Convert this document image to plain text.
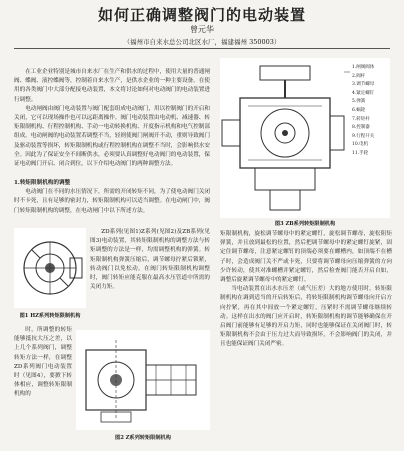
如何正确调整阀门的电动装置
曾元华
（福州市自来水总公司北区水厂，福建福州 350003）

在工业企业特别是城市自来水厂在生产和供水的过程中，使用大量的普通闸阀、蝶阀、液控蝶阀等，控制着自来水生产，是供水企业的一种主要设备。在使用的各类阀门中大部分配接电动装置，本文将讨论如何对电动阀门的电动装置进行调整。

电动闸阀由阀门电动装置与阀门配套组成电动阀门，用以控制阀门的开启和关闭，它可以现场操作也可以远距离操作。阀门电动装置由电动机、减速器、转矩限制机构、行程控制机构、手动一电动转换机构、开度指示机构和电气控制部组成。电动闸阀的电动装置若调整不当，轻则使阀门闸阀开不动，重则导致阀门及驱动装置等损坏，转矩限制机构或行程控制机构在调整不当时，会影响供水安全。因此为了保证安全不间断供水，必须要认真调整好电动阀门的电动装置，保证电动阀门开启、闭合到位，以下介绍电动阀门的两种调整方法。

1.转矩限制机构的调整

电动阀门在不同的水压情况下，所需的开闭转矩不同，为了使电动阀门关闭时不卡死，且有足够的密封力，转矩限制机构可以适当调整。在电动闸门中，阀门转矩限制机构的调整，在电动闸门中以下所述方法。

图1 HZ系列转矩限制机构

ZD系列(见图1)Z系列(见图2)及ZB系列(见图3)电动装置，其转矩限制机构的调整方法与转矩调整的方法是一样，均需调整机构的弹簧。转矩限制机构弹簧压缩后，调节螺母拧紧后锁紧，转动阀门以免松动。在阀门转矩限制机构调整时，阀门转矩应能克服在最高水压管道中所需的关闭力矩。

时，所调整的转矩能够抵抗大压之差，以上几个系列阀门，调整转矩方法一样，在调整ZD系列阀门电动装置时（见图4），要掀下转体相应，调整转矩限制机构的

图2 Z系列转矩限制机构
1.闸阀阀体
2.阀杆
3.调节螺母
4.紧定螺钉
5.弹簧
6.蜗轮
7.转矩杆
8.控制器
9.行程开关
10.电机
11.手轮
图3 ZB系列转矩限制机构

矩限制机构，旋松调节螺母中的紧定螺钉，旋松调节螺母，旋松阻矩弹簧，并且放到最松的位置，然后把调节螺母中的紧定螺钉旋紧，固定住调节螺母，注意紧定螺钉的顶端必须要在螺槽内，如顶端不在槽子时，会造成阀门关不严或卡死，只要将调节螺母向压缩弹簧的方向少许转动，使其对准螺槽并紧定螺钉，然后检查阀门能否开启自如，调整后旋紧调节螺母中的紧定螺钉。

当电动装置在出水水压差（或气压差）大的地方使用时，转矩限制机构在调到适当的开启转矩后，将转矩限制机构调节螺母向开启方向拧紧，再在其中间放一个紧定螺钉，压紧时不需调节螺母继续转动。这样在出水的阀门应开启时，转矩限制机构的调节能够确保在开启阀门前能够有足够的开启力矩，同时也能够保证在关闭阀门时，转矩限制机构不会由于压力过大而导致损坏，不会影响阀门的关闭，并且也能保证阀门关闭严密。
